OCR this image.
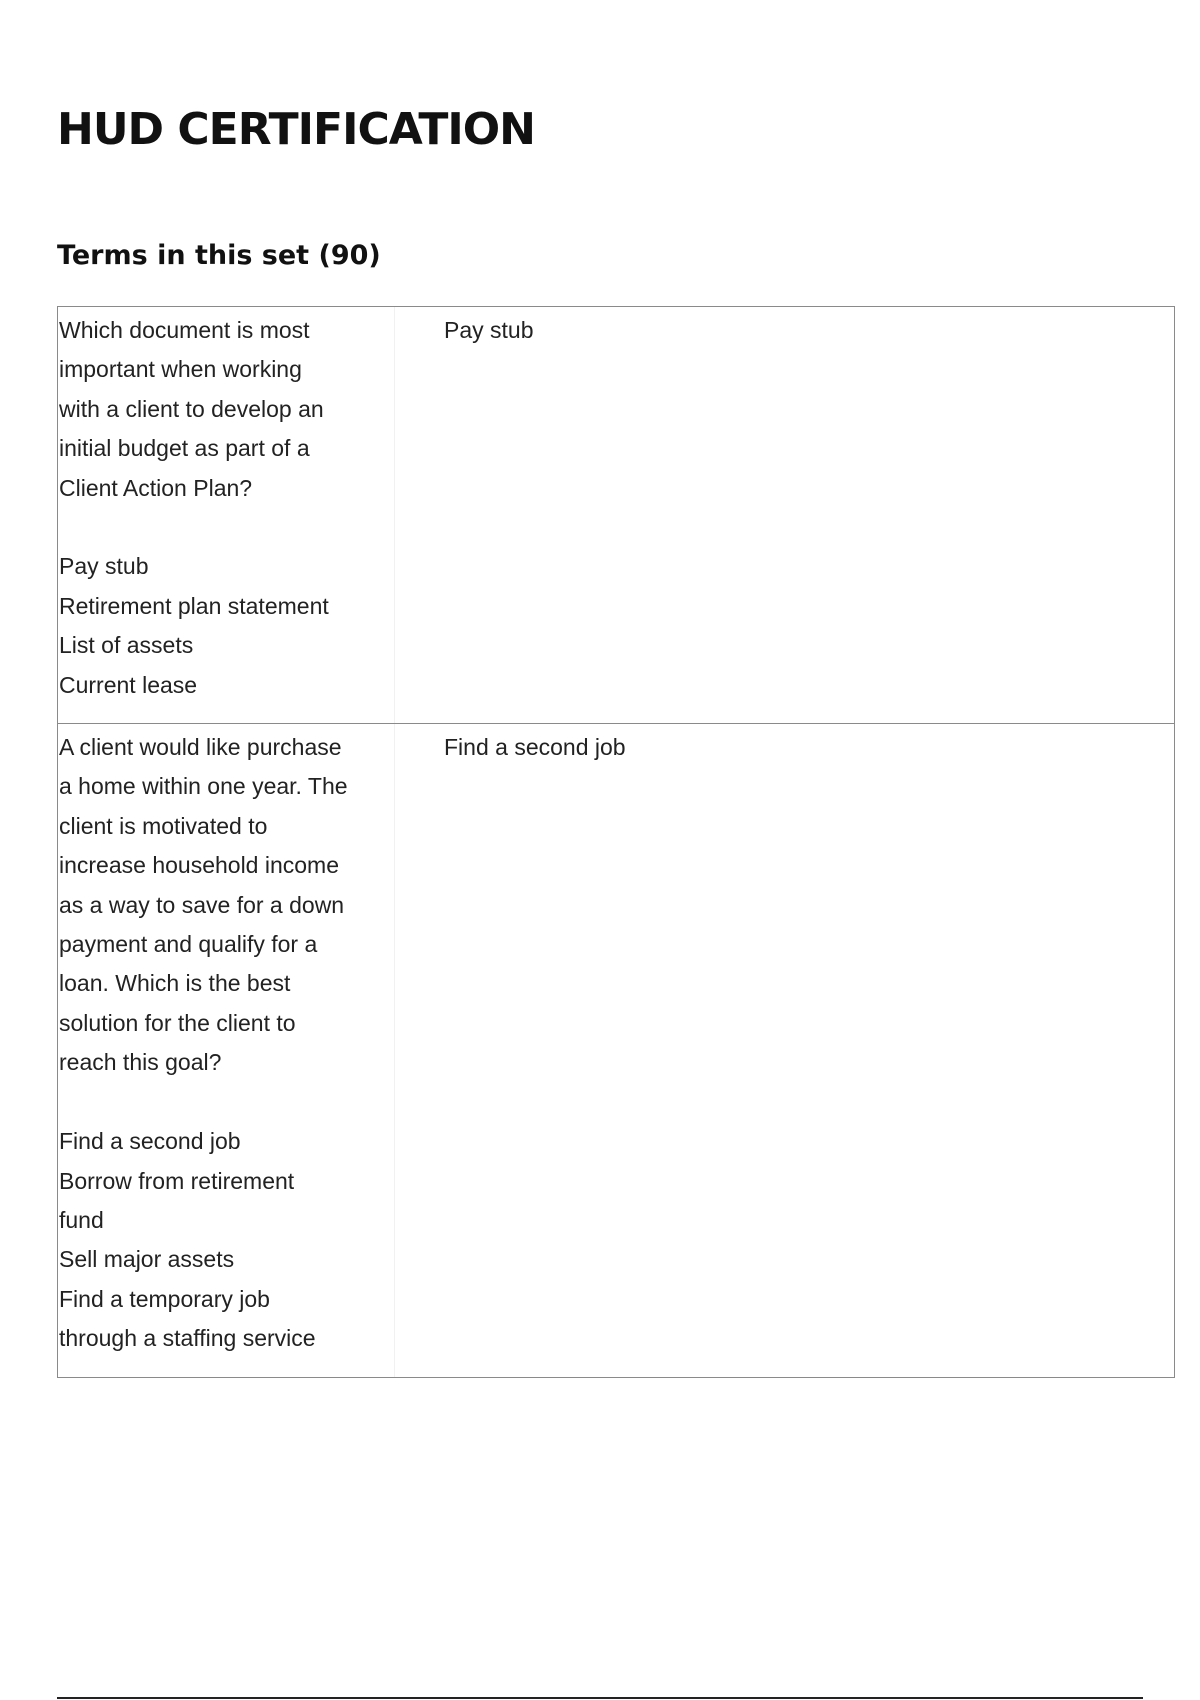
HUD CERTIFICATION
Terms in this set (90)
Which document is most
important when working
with a client to develop an
initial budget as part of a
Client Action Plan?
Pay stub
Retirement plan statement
List of assets
Current lease
Pay stub
A client would like purchase
a home within one year. The
client is motivated to
increase household income
as a way to save for a down
payment and qualify for a
loan. Which is the best
solution for the client to
reach this goal?
Find a second job
Borrow from retirement
fund
Sell major assets
Find a temporary job
through a staffing service
Find a second job
